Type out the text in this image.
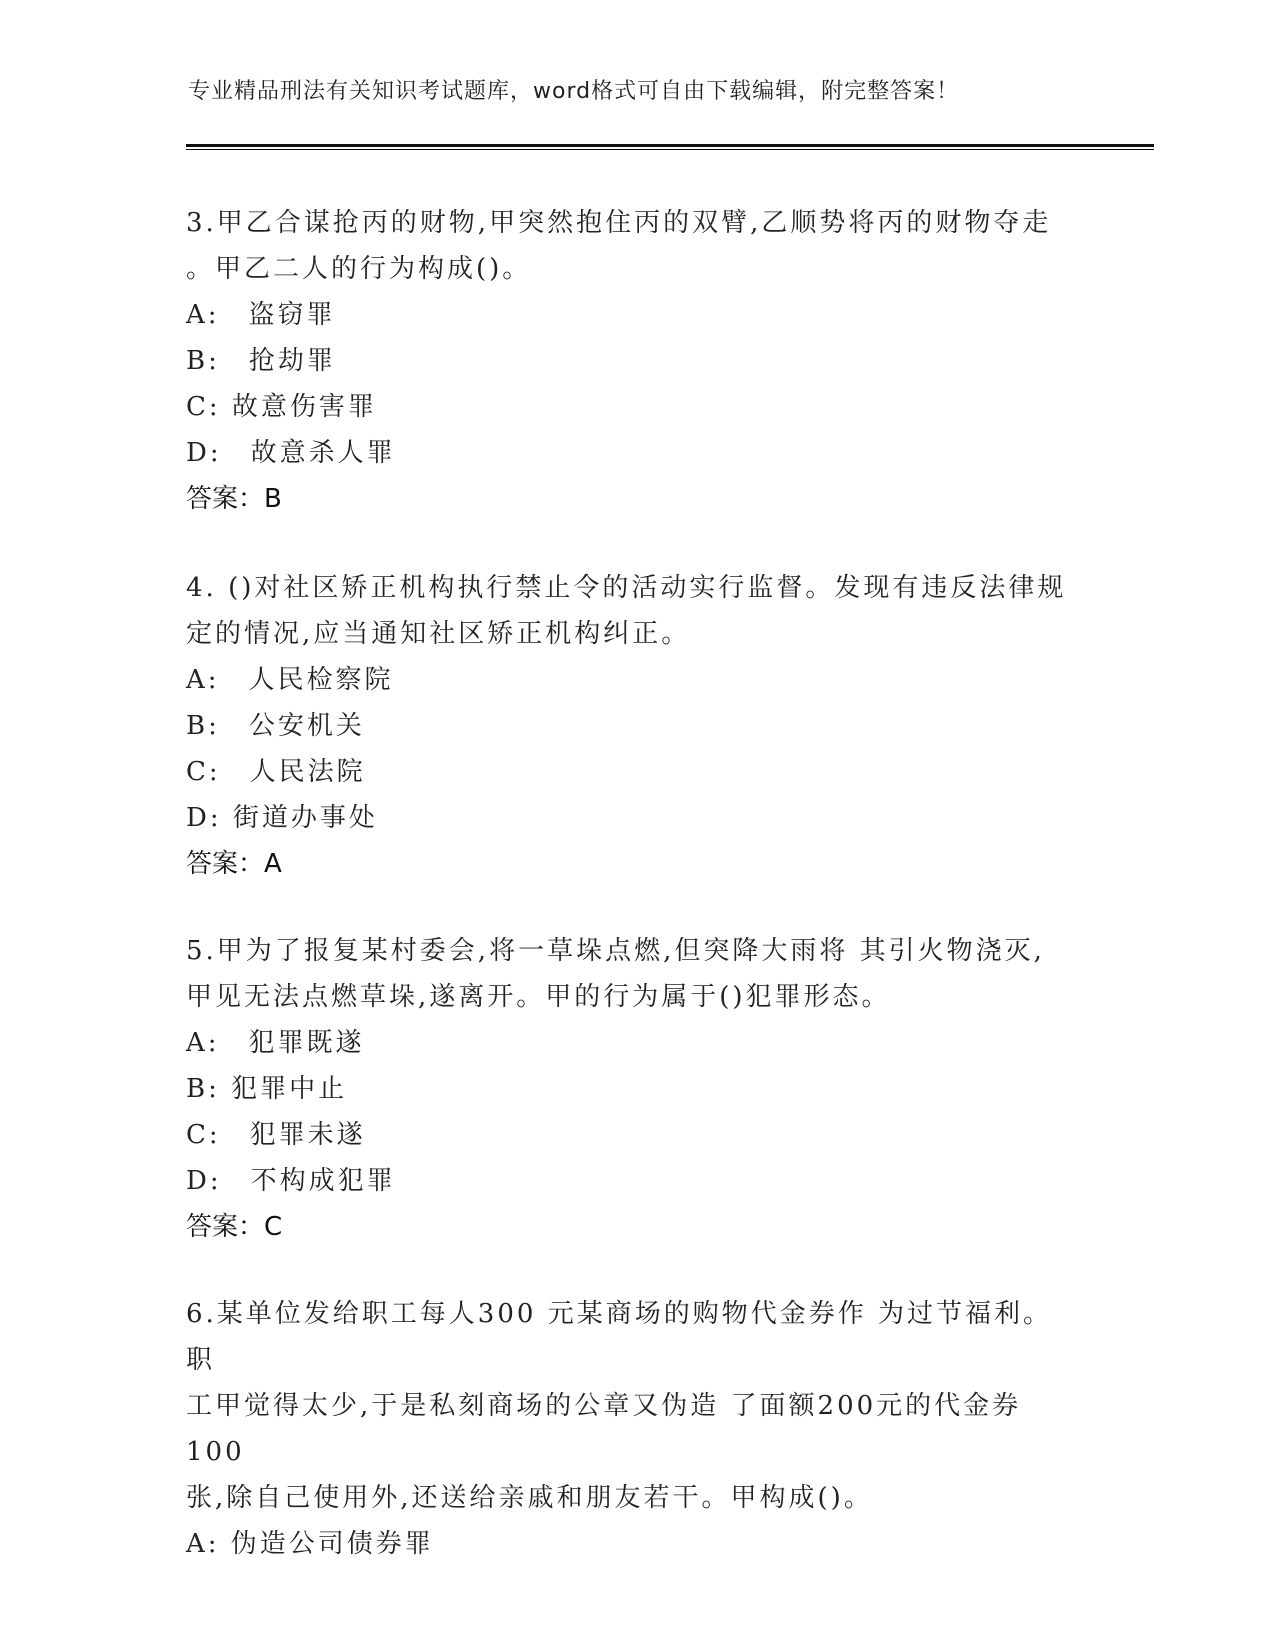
专业精品刑法有关知识考试题库，word格式可自由下载编辑，附完整答案！

3.甲乙合谋抢丙的财物,甲突然抱住丙的双臂,乙顺势将丙的财物夺走
。甲乙二人的行为构成()。

A:　盗窃罪
B:　抢劫罪
C: 故意伤害罪
D:　故意杀人罪
答案：B

4. ()对社区矫正机构执行禁止令的活动实行监督。发现有违反法律规
定的情况,应当通知社区矫正机构纠正。

A:　人民检察院
B:　公安机关
C:　人民法院
D: 街道办事处
答案：A

5.甲为了报复某村委会,将一草垛点燃,但突降大雨将 其引火物浇灭,
甲见无法点燃草垛,遂离开。甲的行为属于()犯罪形态。

A:　犯罪既遂
B: 犯罪中止
C:　犯罪未遂
D:　不构成犯罪
答案：C

6.某单位发给职工每人300 元某商场的购物代金券作 为过节福利。职
工甲觉得太少,于是私刻商场的公章又伪造 了面额200元的代金券100
张,除自己使用外,还送给亲戚和朋友若干。甲构成()。

A: 伪造公司债券罪
